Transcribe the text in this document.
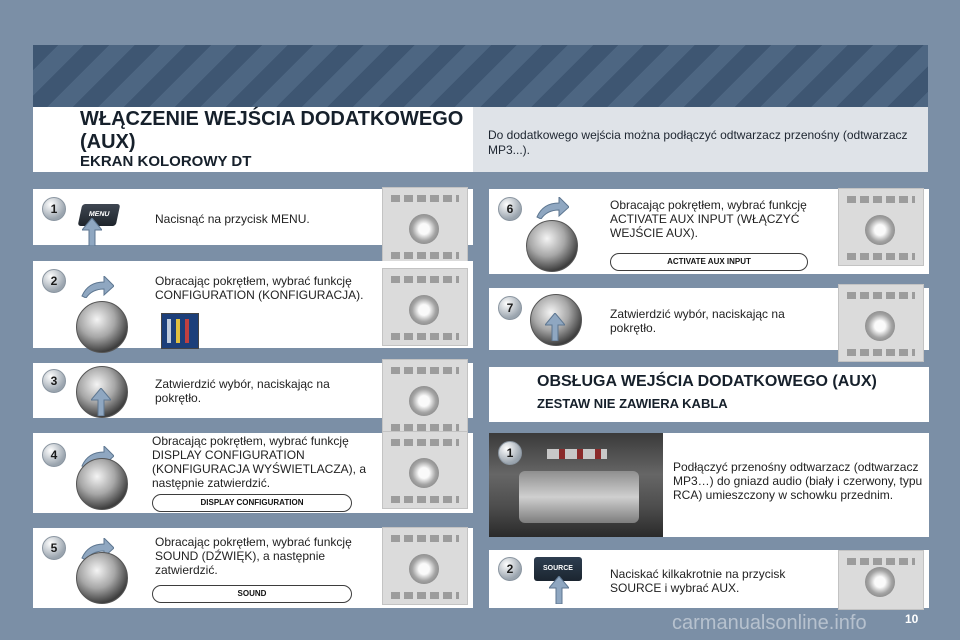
WŁĄCZENIE WEJŚCIA DODATKOWEGO (AUX)
EKRAN KOLOROWY DT
Do dodatkowego wejścia można podłączyć odtwarzacz przenośny (odtwarzacz MP3...).
1	MENU	Nacisnąć na przycisk MENU.
2	Obracając pokrętłem, wybrać funkcję CONFIGURATION (KONFIGURACJA).
3	Zatwierdzić wybór, naciskając na pokrętło.
4
Obracając pokrętłem, wybrać funkcję DISPLAY CONFIGURATION (KONFIGURACJA WYŚWIETLACZA), a następnie zatwierdzić.
DISPLAY CONFIGURATION
5	Obracając pokrętłem, wybrać funkcję SOUND (DŹWIĘK), a następnie zatwierdzić.
SOUND
6	Obracając pokrętłem, wybrać funkcję ACTIVATE AUX INPUT (WŁĄCZYĆ WEJŚCIE AUX).
ACTIVATE AUX INPUT
7	Zatwierdzić wybór, naciskając na pokrętło.
OBSŁUGA WEJŚCIA DODATKOWEGO (AUX)
ZESTAW NIE ZAWIERA KABLA
1
Podłączyć przenośny odtwarzacz (odtwarzacz MP3…) do gniazd audio (biały i czerwony, typu RCA) umieszczony w schowku przednim.
2	SOURCE	Naciskać kilkakrotnie na przycisk SOURCE i wybrać AUX.
carmanualsonline.info	10
